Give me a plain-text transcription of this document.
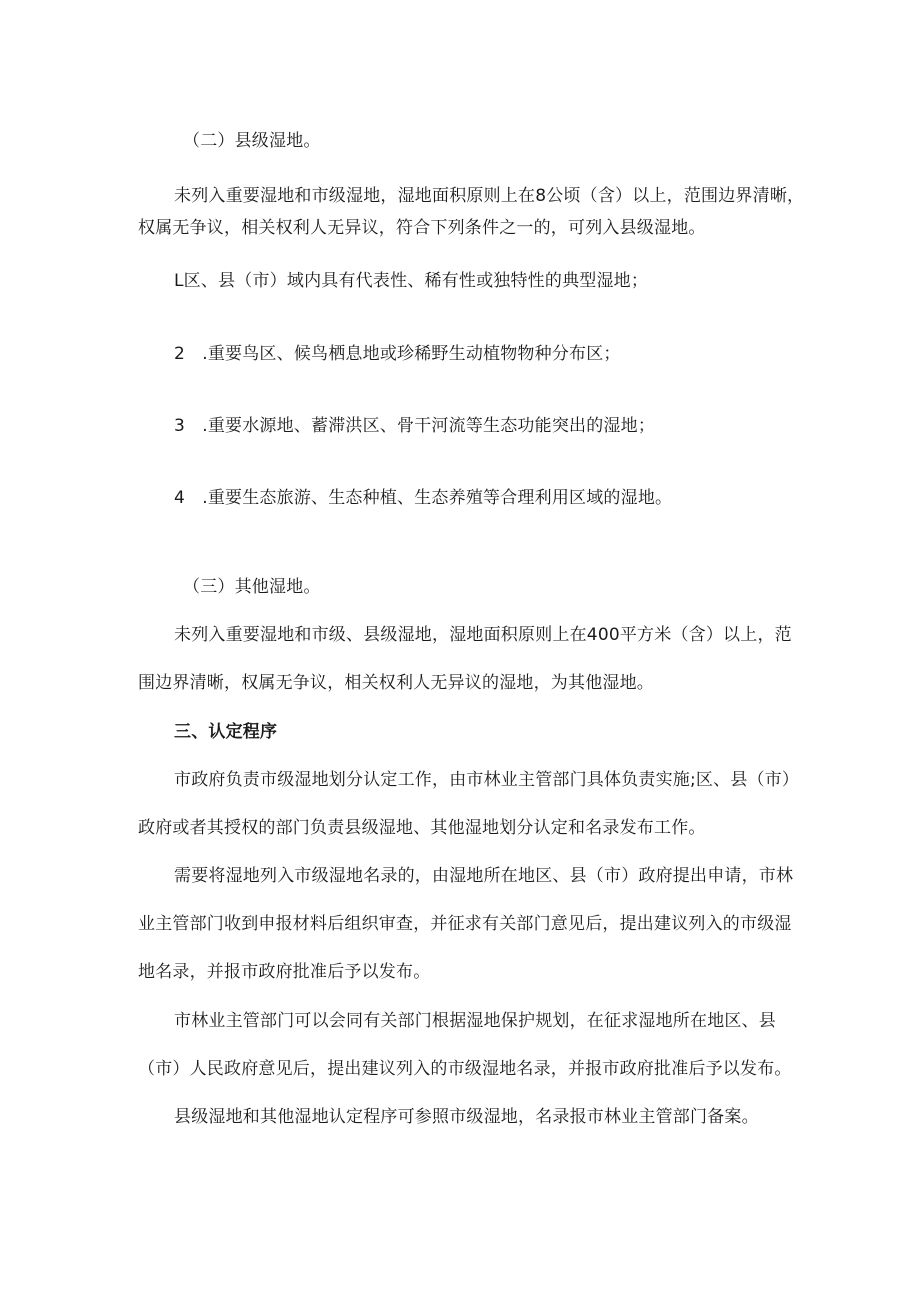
（二）县级湿地。
未列入重要湿地和市级湿地，湿地面积原则上在8公顷（含）以上，范围边界清晰，
权属无争议，相关权利人无异议，符合下列条件之一的，可列入县级湿地。
L区、县（市）域内具有代表性、稀有性或独特性的典型湿地；
2　.重要鸟区、候鸟栖息地或珍稀野生动植物物种分布区；
3　.重要水源地、蓄滞洪区、骨干河流等生态功能突出的湿地；
4　.重要生态旅游、生态种植、生态养殖等合理利用区域的湿地。
（三）其他湿地。
未列入重要湿地和市级、县级湿地，湿地面积原则上在400平方米（含）以上，范
围边界清晰，权属无争议，相关权利人无异议的湿地，为其他湿地。
三、认定程序
市政府负责市级湿地划分认定工作，由市林业主管部门具体负责实施;区、县（市）
政府或者其授权的部门负责县级湿地、其他湿地划分认定和名录发布工作。
需要将湿地列入市级湿地名录的，由湿地所在地区、县（市）政府提出申请，市林
业主管部门收到申报材料后组织审查，并征求有关部门意见后，提出建议列入的市级湿
地名录，并报市政府批准后予以发布。
市林业主管部门可以会同有关部门根据湿地保护规划，在征求湿地所在地区、县
（市）人民政府意见后，提出建议列入的市级湿地名录，并报市政府批准后予以发布。
县级湿地和其他湿地认定程序可参照市级湿地，名录报市林业主管部门备案。
